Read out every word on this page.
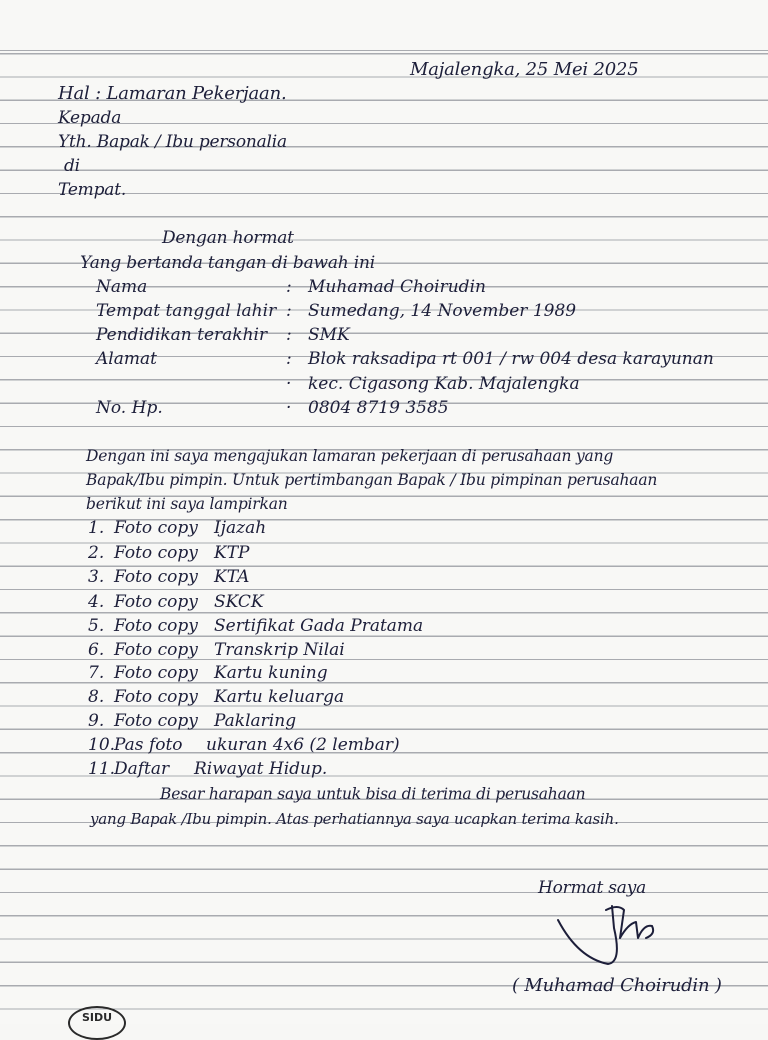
Majalengka, 25 Mei 2025
Hal : Lamaran Pekerjaan.
Kepada
Yth. Bapak / Ibu personalia
di
Tempat.
Dengan hormat
Yang bertanda tangan di bawah ini
Nama	: Muhamad Choirudin
Tempat tanggal lahir : Sumedang, 14 November 1989
Pendidikan terakhir : SMK
Alamat	: Blok raksadipa rt 001 / rw 004 desa karayunan
· kec. Cigasong Kab. Majalengka
No. Hp.	· 0804 8719 3585
Dengan ini saya mengajukan lamaran pekerjaan di perusahaan yang
Bapak/Ibu pimpin. Untuk pertimbangan Bapak / Ibu pimpinan perusahaan
berikut ini saya lampirkan
1. Foto copy Ijazah
2. Foto copy KTP
3. Foto copy KTA
4. Foto copy SKCK
5. Foto copy Sertifikat Gada Pratama
6. Foto copy Transkrip Nilai
7. Foto copy Kartu kuning
8. Foto copy Kartu keluarga
9. Foto copy Paklaring
10.Pas foto ukuran 4x6 (2 lembar)
11.Daftar Riwayat Hidup.
Besar harapan saya untuk bisa di terima di perusahaan
yang Bapak /Ibu pimpin. Atas perhatiannya saya ucapkan terima kasih.
Hormat saya
( Muhamad Choirudin )
SIDU
